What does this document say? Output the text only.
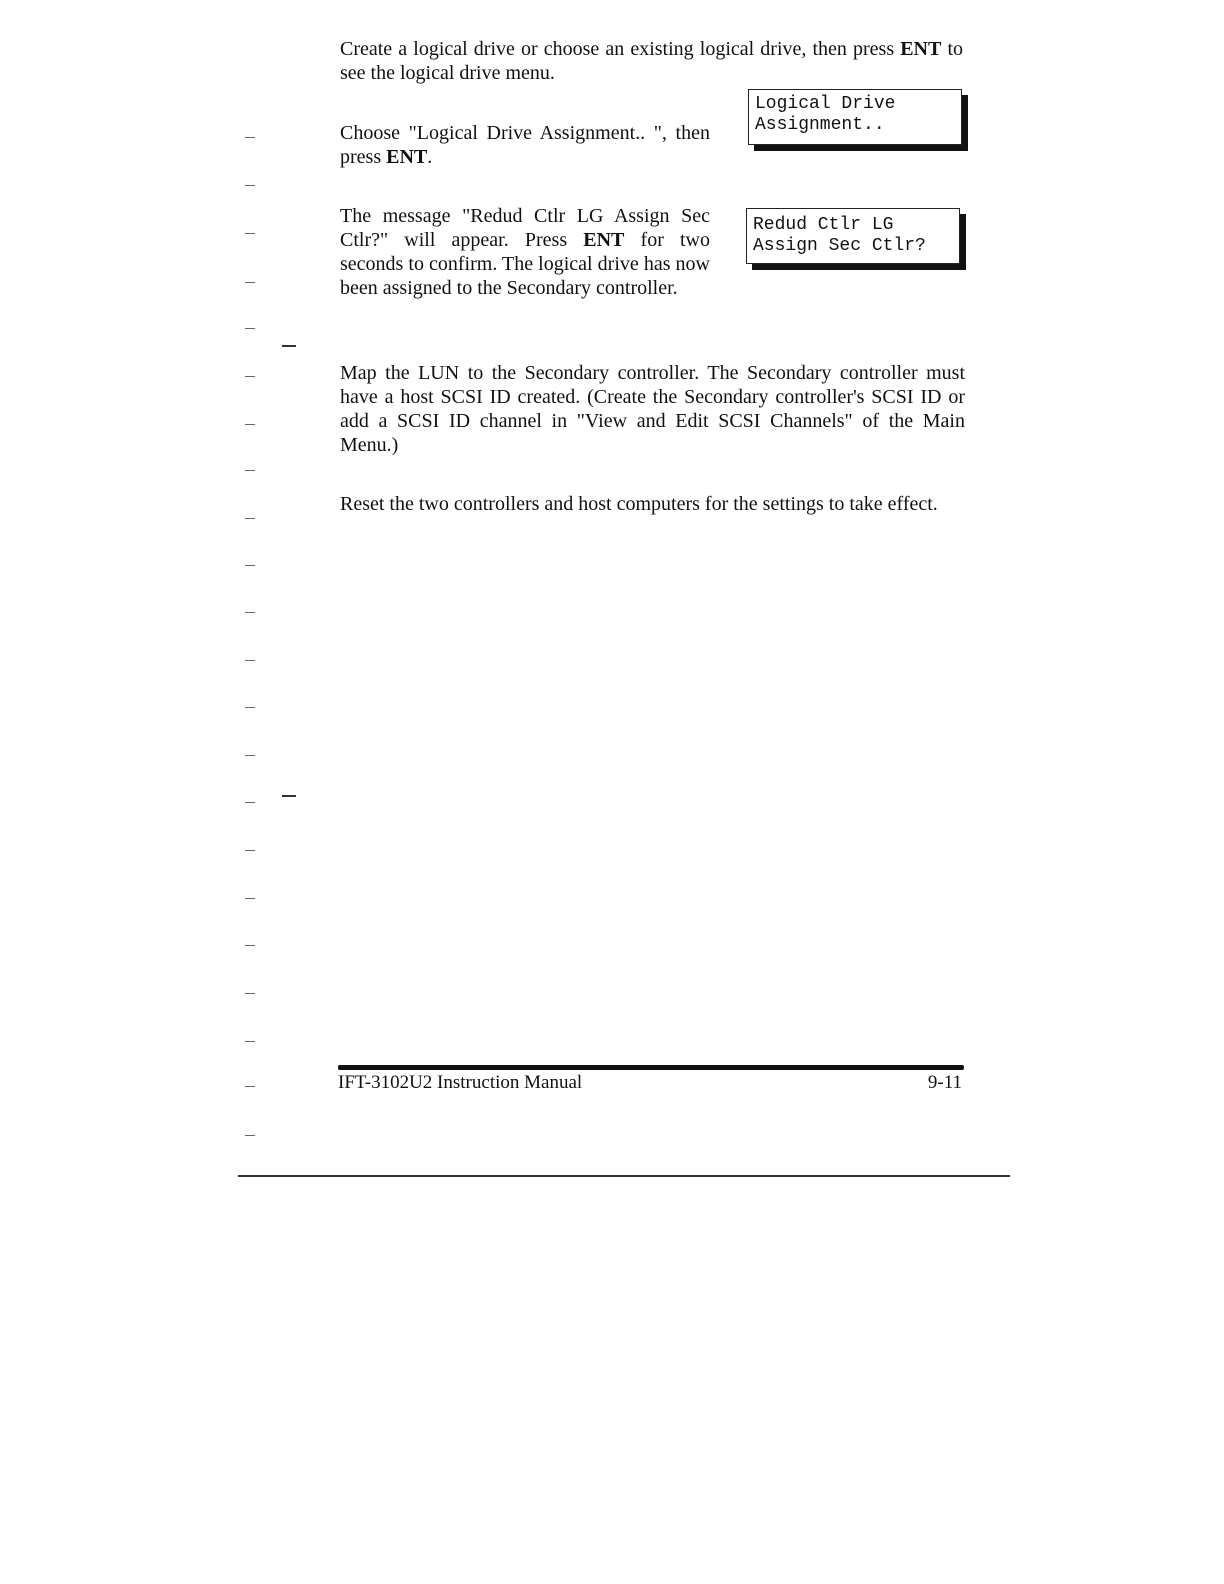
Create a logical drive or choose an existing logical drive, then press ENT to see the logical drive menu.

Choose "Logical Drive Assignment.. ", then press ENT.

Logical Drive
Assignment..

The message "Redud Ctlr LG Assign Sec Ctlr?" will appear. Press ENT for two seconds to confirm. The logical drive has now been assigned to the Secondary controller.

Redud Ctlr LG
Assign Sec Ctlr?

Map the LUN to the Secondary controller. The Secondary controller must have a host SCSI ID created. (Create the Secondary controller's SCSI ID or add a SCSI ID channel in "View and Edit SCSI Channels" of the Main Menu.)

Reset the two controllers and host computers for the settings to take effect.

IFT-3102U2 Instruction Manual	9-11
